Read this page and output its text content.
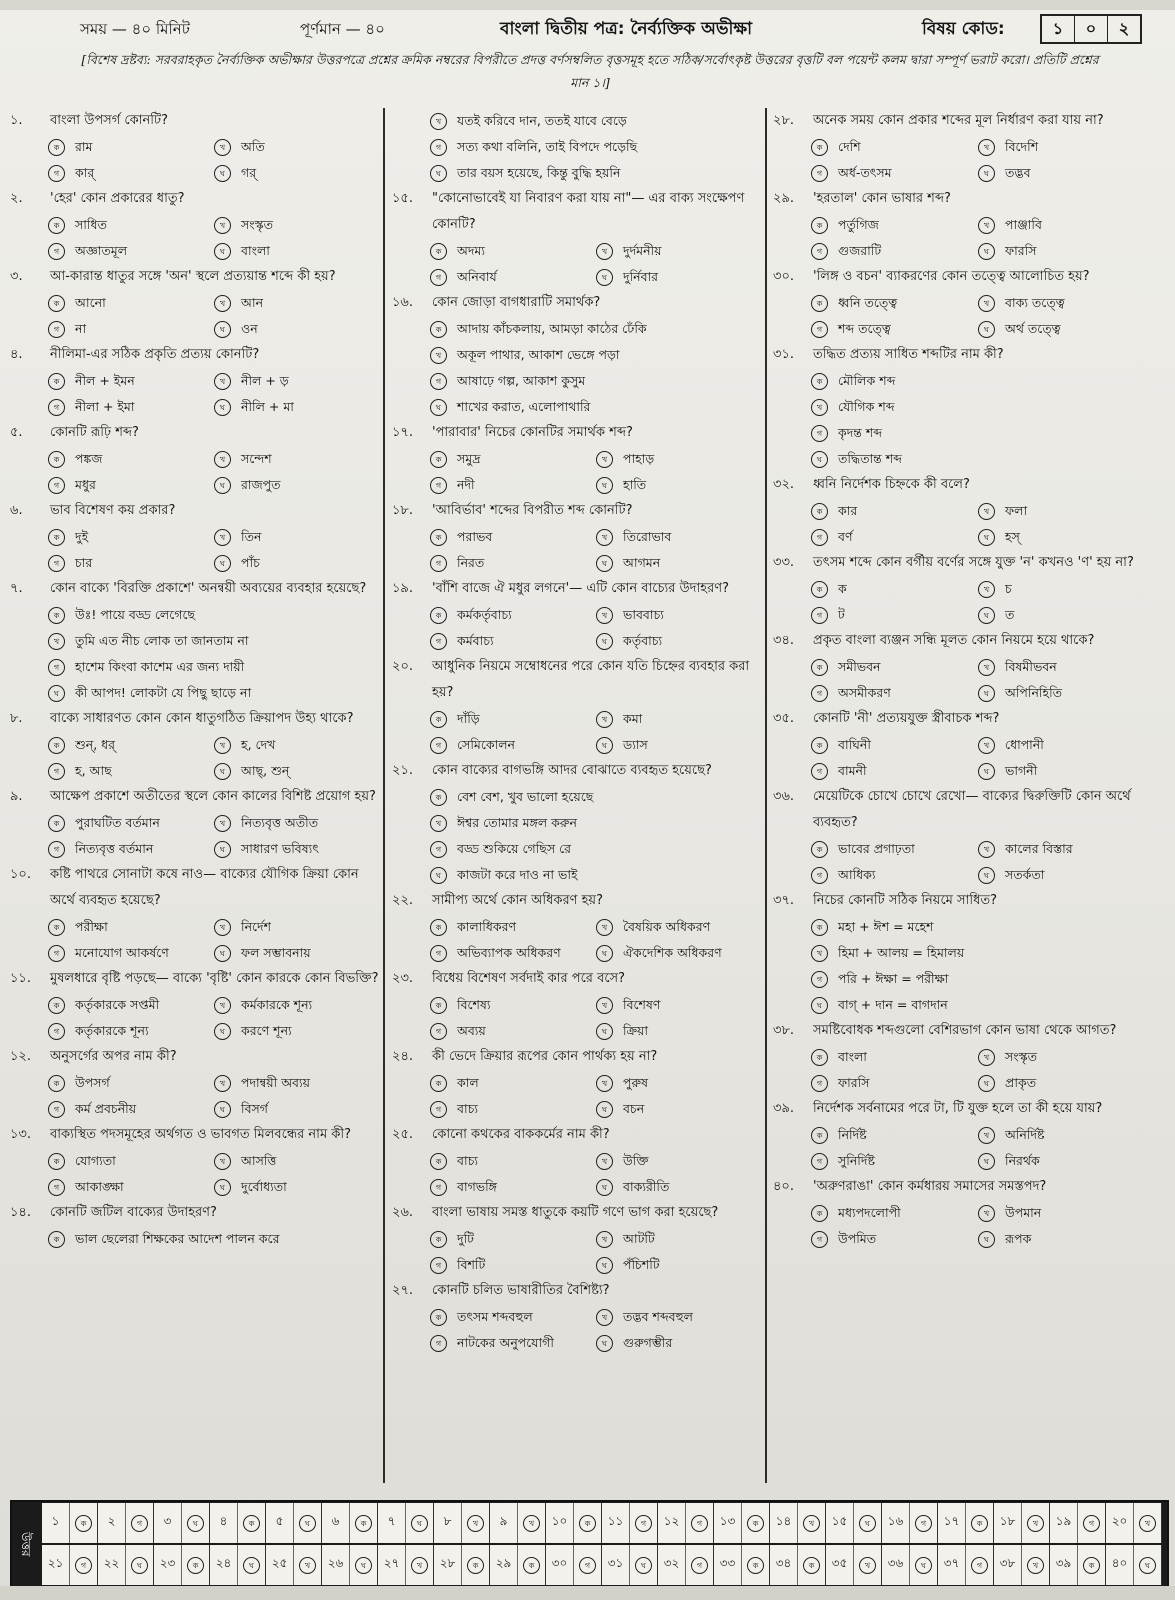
সময় — ৪০ মিনিট	পূর্ণমান — ৪০	বাংলা দ্বিতীয় পত্র: নৈর্ব্যক্তিক অভীক্ষা	বিষয় কোড:	১	০	২
[বিশেষ দ্রষ্টব্য: সরবরাহকৃত নৈর্ব্যক্তিক অভীক্ষার উত্তরপত্রে প্রশ্নের ক্রমিক নম্বরের বিপরীতে প্রদত্ত বর্ণসম্বলিত বৃত্তসমূহ হতে সঠিক/সর্বোৎকৃষ্ট উত্তরের বৃত্তটি বল পয়েন্ট কলম দ্বারা সম্পূর্ণ ভরাট করো। প্রতিটি প্রশ্নের মান ১।]
১.	বাংলা উপসর্গ কোনটি?
ক	রাম	খ	অতি
গ	কার্	ঘ	গর্
২.	'হের' কোন প্রকারের ধাতু?
ক	সাধিত	খ	সংস্কৃত
গ	অজ্ঞাতমূল	ঘ	বাংলা
৩.	আ-কারান্ত ধাতুর সঙ্গে 'অন' স্থলে প্রত্যয়ান্ত শব্দে কী হয়?
ক	আনো	খ	আন
গ	না	ঘ	ওন
৪.	নীলিমা-এর সঠিক প্রকৃতি প্রত্যয় কোনটি?
ক	নীল + ইমন	খ	নীল + ড়
গ	নীলা + ইমা	ঘ	নীলি + মা
৫.	কোনটি রূঢ়ি শব্দ?
ক	পঙ্কজ	খ	সন্দেশ
গ	মধুর	ঘ	রাজপুত
৬.	ভাব বিশেষণ কয় প্রকার?
ক	দুই	খ	তিন
গ	চার	ঘ	পাঁচ
৭.	কোন বাক্যে 'বিরক্তি প্রকাশে' অনন্বয়ী অব্যয়ের ব্যবহার হয়েছে?
ক	উঃ! পায়ে বড্ড লেগেছে
খ	তুমি এত নীচ লোক তা জানতাম না
গ	হাশেম কিংবা কাশেম এর জন্য দায়ী
ঘ	কী আপদ! লোকটা যে পিছু ছাড়ে না
৮.	বাক্যে সাধারণত কোন কোন ধাতুগঠিত ক্রিয়াপদ উহ্য থাকে?
ক	শুন্, ধর্	খ	হ, দেখ
গ	হ, আছ	ঘ	আছ্, শুন্
৯.	আক্ষেপ প্রকাশে অতীতের স্থলে কোন কালের বিশিষ্ট প্রয়োগ হয়?
ক	পুরাঘটিত বর্তমান	খ	নিত্যবৃত্ত অতীত
গ	নিত্যবৃত্ত বর্তমান	ঘ	সাধারণ ভবিষ্যৎ
১০.	কষ্টি পাথরে সোনাটা কষে নাও— বাক্যের যৌগিক ক্রিয়া কোন অর্থে ব্যবহৃত হয়েছে?
ক	পরীক্ষা	খ	নির্দেশ
গ	মনোযোগ আকর্ষণে	ঘ	ফল সম্ভাবনায়
১১.	মুষলধারে বৃষ্টি পড়ছে— বাক্যে 'বৃষ্টি' কোন কারকে কোন বিভক্তি?
ক	কর্তৃকারকে সপ্তমী	খ	কর্মকারকে শূন্য
গ	কর্তৃকারকে শূন্য	ঘ	করণে শূন্য
১২.	অনুসর্গের অপর নাম কী?
ক	উপসর্গ	খ	পদান্বয়ী অব্যয়
গ	কর্ম প্রবচনীয়	ঘ	বিসর্গ
১৩.	বাক্যস্থিত পদসমূহের অর্থগত ও ভাবগত মিলবন্ধের নাম কী?
ক	যোগ্যতা	খ	আসত্তি
গ	আকাঙ্ক্ষা	ঘ	দুর্বোধ্যতা
১৪.	কোনটি জটিল বাক্যের উদাহরণ?
ক	ভাল ছেলেরা শিক্ষকের আদেশ পালন করে
খ	যতই করিবে দান, ততই যাবে বেড়ে
গ	সত্য কথা বলিনি, তাই বিপদে পড়েছি
ঘ	তার বয়স হয়েছে, কিন্তু বুদ্ধি হয়নি
১৫.	"কোনোভাবেই যা নিবারণ করা যায় না"— এর বাক্য সংক্ষেপণ কোনটি?
ক	অদম্য	খ	দুর্দমনীয়
গ	অনিবার্য	ঘ	দুর্নিবার
১৬.	কোন জোড়া বাগধারাটি সমার্থক?
ক	আদায় কাঁচকলায়, আমড়া কাঠের ঢেঁকি
খ	অকূল পাথার, আকাশ ভেঙ্গে পড়া
গ	আষাঢ়ে গল্প, আকাশ কুসুম
ঘ	শাখের করাত, এলোপাথারি
১৭.	'পারাবার' নিচের কোনটির সমার্থক শব্দ?
ক	সমুদ্র	খ	পাহাড়
গ	নদী	ঘ	হাতি
১৮.	'আবির্ভাব' শব্দের বিপরীত শব্দ কোনটি?
ক	পরাভব	খ	তিরোভাব
গ	নিরত	ঘ	আগমন
১৯.	'বাঁশি বাজে ঐ মধুর লগনে'— এটি কোন বাচ্যের উদাহরণ?
ক	কর্মকর্তৃবাচ্য	খ	ভাববাচ্য
গ	কর্মবাচ্য	ঘ	কর্তৃবাচ্য
২০.	আধুনিক নিয়মে সম্বোধনের পরে কোন যতি চিহ্নের ব্যবহার করা হয়?
ক	দাঁড়ি	খ	কমা
গ	সেমিকোলন	ঘ	ড্যাস
২১.	কোন বাক্যের বাগভঙ্গি আদর বোঝাতে ব্যবহৃত হয়েছে?
ক	বেশ বেশ, খুব ভালো হয়েছে
খ	ঈশ্বর তোমার মঙ্গল করুন
গ	বড্ড শুকিয়ে গেছিস রে
ঘ	কাজটা করে দাও না ভাই
২২.	সামীপ্য অর্থে কোন অধিকরণ হয়?
ক	কালাধিকরণ	খ	বৈষয়িক অধিকরণ
গ	অভিব্যাপক অধিকরণ	ঘ	ঐকদেশিক অধিকরণ
২৩.	বিধেয় বিশেষণ সর্বদাই কার পরে বসে?
ক	বিশেষ্য	খ	বিশেষণ
গ	অব্যয়	ঘ	ক্রিয়া
২৪.	কী ভেদে ক্রিয়ার রূপের কোন পার্থক্য হয় না?
ক	কাল	খ	পুরুষ
গ	বাচ্য	ঘ	বচন
২৫.	কোনো কথকের বাককর্মের নাম কী?
ক	বাচ্য	খ	উক্তি
গ	বাগভঙ্গি	ঘ	বাক্যরীতি
২৬.	বাংলা ভাষায় সমস্ত ধাতুকে কয়টি গণে ভাগ করা হয়েছে?
ক	দুটি	খ	আটটি
গ	বিশটি	ঘ	পঁচিশটি
২৭.	কোনটি চলিত ভাষারীতির বৈশিষ্ট্য?
ক	তৎসম শব্দবহুল	খ	তদ্ভব শব্দবহুল
গ	নাটকের অনুপযোগী	ঘ	গুরুগম্ভীর
২৮.	অনেক সময় কোন প্রকার শব্দের মূল নির্ধারণ করা যায় না?
ক	দেশি	খ	বিদেশি
গ	অর্ধ-তৎসম	ঘ	তদ্ভব
২৯.	'হরতাল' কোন ভাষার শব্দ?
ক	পর্তুগিজ	খ	পাঞ্জাবি
গ	গুজরাটি	ঘ	ফারসি
৩০.	'লিঙ্গ ও বচন' ব্যাকরণের কোন তত্ত্বে আলোচিত হয়?
ক	ধ্বনি তত্ত্বে	খ	বাক্য তত্ত্বে
গ	শব্দ তত্ত্বে	ঘ	অর্থ তত্ত্বে
৩১.	তদ্ধিত প্রত্যয় সাধিত শব্দটির নাম কী?
ক	মৌলিক শব্দ
খ	যৌগিক শব্দ
গ	কৃদন্ত শব্দ
ঘ	তদ্ধিতান্ত শব্দ
৩২.	ধ্বনি নির্দেশক চিহ্নকে কী বলে?
ক	কার	খ	ফলা
গ	বর্ণ	ঘ	হস্
৩৩.	তৎসম শব্দে কোন বর্গীয় বর্ণের সঙ্গে যুক্ত 'ন' কখনও 'ণ' হয় না?
ক	ক	খ	চ
গ	ট	ঘ	ত
৩৪.	প্রকৃত বাংলা ব্যঞ্জন সন্ধি মূলত কোন নিয়মে হয়ে থাকে?
ক	সমীভবন	খ	বিষমীভবন
গ	অসমীকরণ	ঘ	অপিনিহিতি
৩৫.	কোনটি 'নী' প্রত্যয়যুক্ত স্ত্রীবাচক শব্দ?
ক	বাঘিনী	খ	ধোপানী
গ	বামনী	ঘ	ভাগনী
৩৬.	মেয়েটিকে চোখে চোখে রেখো— বাক্যের দ্বিরুক্তিটি কোন অর্থে ব্যবহৃত?
ক	ভাবের প্রগাঢ়তা	খ	কালের বিস্তার
গ	আধিক্য	ঘ	সতর্কতা
৩৭.	নিচের কোনটি সঠিক নিয়মে সাধিত?
ক	মহা + ঈশ = মহেশ
খ	হিমা + আলয় = হিমালয়
গ	পরি + ঈক্ষা = পরীক্ষা
ঘ	বাগ্ + দান = বাগদান
৩৮.	সমষ্টিবোধক শব্দগুলো বেশিরভাগ কোন ভাষা থেকে আগত?
ক	বাংলা	খ	সংস্কৃত
গ	ফারসি	ঘ	প্রাকৃত
৩৯.	নির্দেশক সর্বনামের পরে টা, টি যুক্ত হলে তা কী হয়ে যায়?
ক	নির্দিষ্ট	খ	অনির্দিষ্ট
গ	সুনির্দিষ্ট	ঘ	নিরর্থক
৪০.	'অরুণরাঙা' কোন কর্মধারয় সমাসের সমস্তপদ?
ক	মধ্যপদলোপী	খ	উপমান
গ	উপমিত	ঘ	রূপক
উত্তর
১	ক	২	গ	৩	ঘ	৪	ক	৫	ঘ	৬	ক	৭	ঘ	৮	খ	৯	খ	১০	ক	১১	গ	১২	গ	১৩	ক	১৪	খ	১৫	ঘ	১৬	গ	১৭	ক	১৮	খ	১৯	গ	২০	খ
২১	গ	২২	ঘ	২৩	ক	২৪	ঘ	২৫	খ	২৬	ঘ	২৭	খ	২৮	ক	২৯	ক	৩০	গ	৩১	ঘ	৩২	গ	৩৩	ক	৩৪	ক	৩৫	খ	৩৬	ঘ	৩৭	গ	৩৮	খ	৩৯	ক	৪০	ঘ
